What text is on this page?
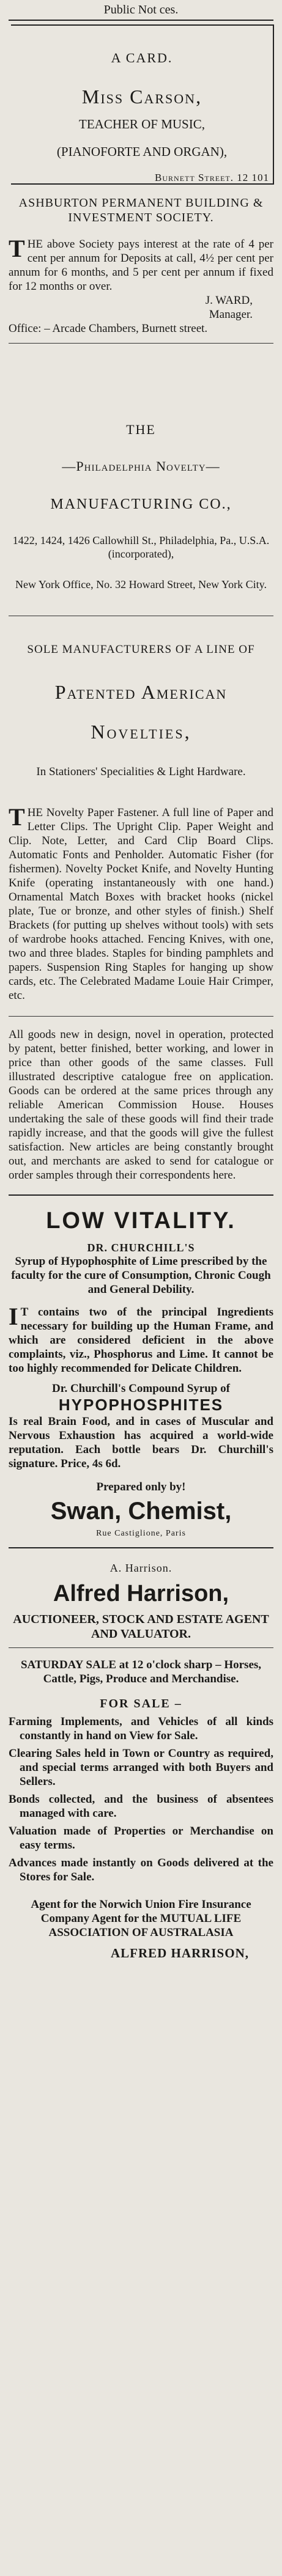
Public Not ces.
A CARD.
Miss Carson,
TEACHER OF MUSIC,
(PIANOFORTE AND ORGAN),
Burnett Street. 12 101
ASHBURTON PERMANENT BUILDING & INVESTMENT SOCIETY.

THE above Society pays interest at the rate of 4 per cent per annum for Deposits at call, 4½ per cent per annum for 6 months, and 5 per cent per annum if fixed for 12 months or over.

J. WARD,
Manager.

Office: – Arcade Chambers, Burnett street.

THE
—Philadelphia Novelty—
MANUFACTURING CO.,
1422, 1424, 1426 Callowhill St., Philadelphia, Pa., U.S.A. (incorporated),
New York Office, No. 32 Howard Street, New York City.
SOLE MANUFACTURERS OF A LINE OF
Patented American
Novelties,
In Stationers' Specialities & Light Hardware.

THE Novelty Paper Fastener. A full line of Paper and Letter Clips. The Upright Clip. Paper Weight and Clip. Note, Letter, and Card Clip Board Clips. Automatic Fonts and Penholder. Automatic Fisher (for fishermen). Novelty Pocket Knife, and Novelty Hunting Knife (operating instantaneously with one hand.) Ornamental Match Boxes with bracket hooks (nickel plate, Tue or bronze, and other styles of finish.) Shelf Brackets (for putting up shelves without tools) with sets of wardrobe hooks attached. Fencing Knives, with one, two and three blades. Staples for binding pamphlets and papers. Suspension Ring Staples for hanging up show cards, etc. The Celebrated Madame Louie Hair Crimper, etc.

All goods new in design, novel in operation, protected by patent, better finished, better working, and lower in price than other goods of the same classes. Full illustrated descriptive catalogue free on application. Goods can be ordered at the same prices through any reliable American Commission House. Houses undertaking the sale of these goods will find their trade rapidly increase, and that the goods will give the fullest satisfaction. New articles are being constantly brought out, and merchants are asked to send for catalogue or order samples through their correspondents here.

LOW VITALITY.
DR. CHURCHILL'S
Syrup of Hypophosphite of Lime prescribed by the faculty for the cure of Consumption, Chronic Cough and General Debility.

IT contains two of the principal Ingredients necessary for building up the Human Frame, and which are considered deficient in the above complaints, viz., Phosphorus and Lime. It cannot be too highly recommended for Delicate Children.

Dr. Churchill's Compound Syrup of
HYPOPHOSPHITES

Is real Brain Food, and in cases of Muscular and Nervous Exhaustion has acquired a world-wide reputation. Each bottle bears Dr. Churchill's signature. Price, 4s 6d.

Prepared only by!
Swan, Chemist,
Rue Castiglione, Paris
A. Harrison.
Alfred Harrison,
AUCTIONEER, STOCK AND ESTATE AGENT AND VALUATOR.
SATURDAY SALE at 12 o'clock sharp – Horses, Cattle, Pigs, Produce and Merchandise.
FOR SALE –
Farming Implements, and Vehicles of all kinds constantly in hand on View for Sale.
Clearing Sales held in Town or Country as required, and special terms arranged with both Buyers and Sellers.
Bonds collected, and the business of absentees managed with care.
Valuation made of Properties or Merchandise on easy terms.
Advances made instantly on Goods delivered at the Stores for Sale.
Agent for the Norwich Union Fire Insurance Company Agent for the MUTUAL LIFE ASSOCIATION OF AUSTRALASIA
ALFRED HARRISON,
